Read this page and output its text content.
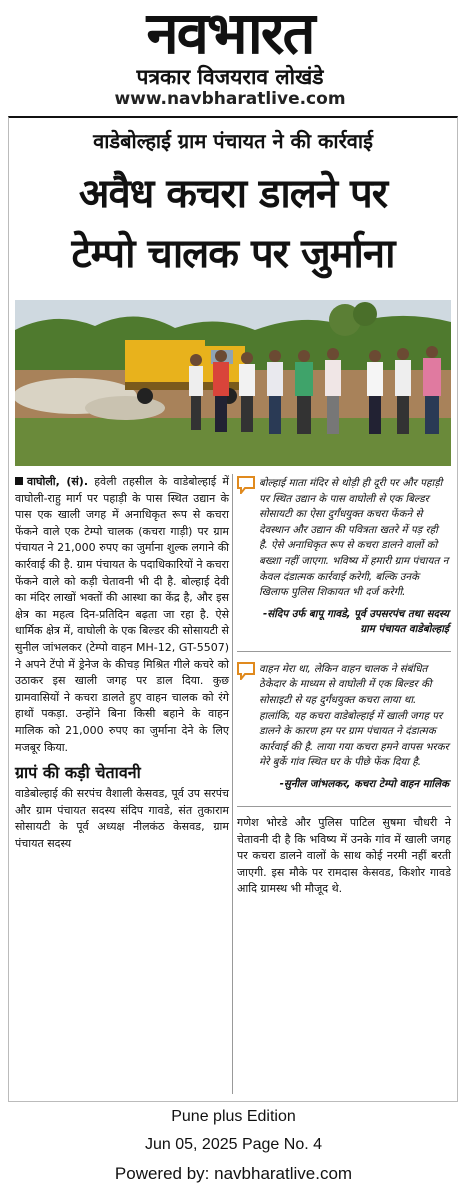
नवभारत
पत्रकार विजयराव लोखंडे
www.navbharatlive.com
वाडेबोल्हाई ग्राम पंचायत ने की कार्रवाई
अवैध कचरा डालने पर
टेम्पो चालक पर जुर्माना

वाघोली, (सं). हवेली तहसील के वाडेबोल्हाई में वाघोली-राहु मार्ग पर पहाड़ी के पास स्थित उद्यान के पास एक खाली जगह में अनाधिकृत रूप से कचरा फेंकने वाले एक टेम्पो चालक (कचरा गाड़ी) पर ग्राम पंचायत ने 21,000 रुपए का जुर्माना शुल्क लगाने की कार्रवाई की है. ग्राम पंचायत के पदाधिकारियों ने कचरा फेंकने वाले को कड़ी चेतावनी भी दी है. बोल्हाई देवी का मंदिर लाखों भक्तों की आस्था का केंद्र है, और इस क्षेत्र का महत्व दिन-प्रतिदिन बढ़ता जा रहा है. ऐसे धार्मिक क्षेत्र में, वाघोली के एक बिल्डर की सोसायटी से सुनील जांभलकर (टेम्पो वाहन MH-12, GT-5507) ने अपने टेंपो में ड्रेनेज के कीचड़ मिश्रित गीले कचरे को उठाकर इस खाली जगह पर डाल दिया. कुछ ग्रामवासियों ने कचरा डालते हुए वाहन चालक को रंगे हाथों पकड़ा. उन्होंने बिना किसी बहाने के वाहन मालिक को 21,000 रुपए का जुर्माना देने के लिए मजबूर किया.

ग्रापं की कड़ी चेतावनी

वाडेबोल्हाई की सरपंच वैशाली केसवड, पूर्व उप सरपंच और ग्राम पंचायत सदस्य संदिप गावडे, संत तुकाराम सोसायटी के पूर्व अध्यक्ष नीलकंठ केसवड, ग्राम पंचायत सदस्य

बोल्हाई माता मंदिर से थोड़ी ही दूरी पर और पहाड़ी पर स्थित उद्यान के पास वाघोली से एक बिल्डर सोसायटी का ऐसा दुर्गंधयुक्त कचरा फेंकने से देवस्थान और उद्यान की पवित्रता खतरे में पड़ रही है. ऐसे अनाधिकृत रूप से कचरा डालने वालों को बख्शा नहीं जाएगा. भविष्य में हमारी ग्राम पंचायत न केवल दंडात्मक कार्रवाई करेगी, बल्कि उनके खिलाफ पुलिस शिकायत भी दर्ज करेगी.

-संदिप उर्फ बापू गावडे, पूर्व उपसरपंच तथा सदस्य ग्राम पंचायत वाडेबोल्हाई

वाहन मेरा था, लेकिन वाहन चालक ने संबंधित ठेकेदार के माध्यम से वाघोली में एक बिल्डर की सोसाइटी से यह दुर्गंधयुक्त कचरा लाया था. हालांकि, यह कचरा वाडेबोल्हाई में खाली जगह पर डालने के कारण हम पर ग्राम पंचायत ने दंडात्मक कार्रवाई की है. लाया गया कचरा हमने वापस भरकर मेरे बुर्के गांव स्थित घर के पीछे फेंक दिया है.

-सुनील जांभलकर, कचरा टेम्पो वाहन मालिक

गणेश भोरडे और पुलिस पाटिल सुषमा चौधरी ने चेतावनी दी है कि भविष्य में उनके गांव में खाली जगह पर कचरा डालने वालों के साथ कोई नरमी नहीं बरती जाएगी. इस मौके पर रामदास केसवड, किशोर गावडे आदि ग्रामस्थ भी मौजूद थे.

Pune plus Edition
Jun 05, 2025 Page No. 4
Powered by: navbharatlive.com
